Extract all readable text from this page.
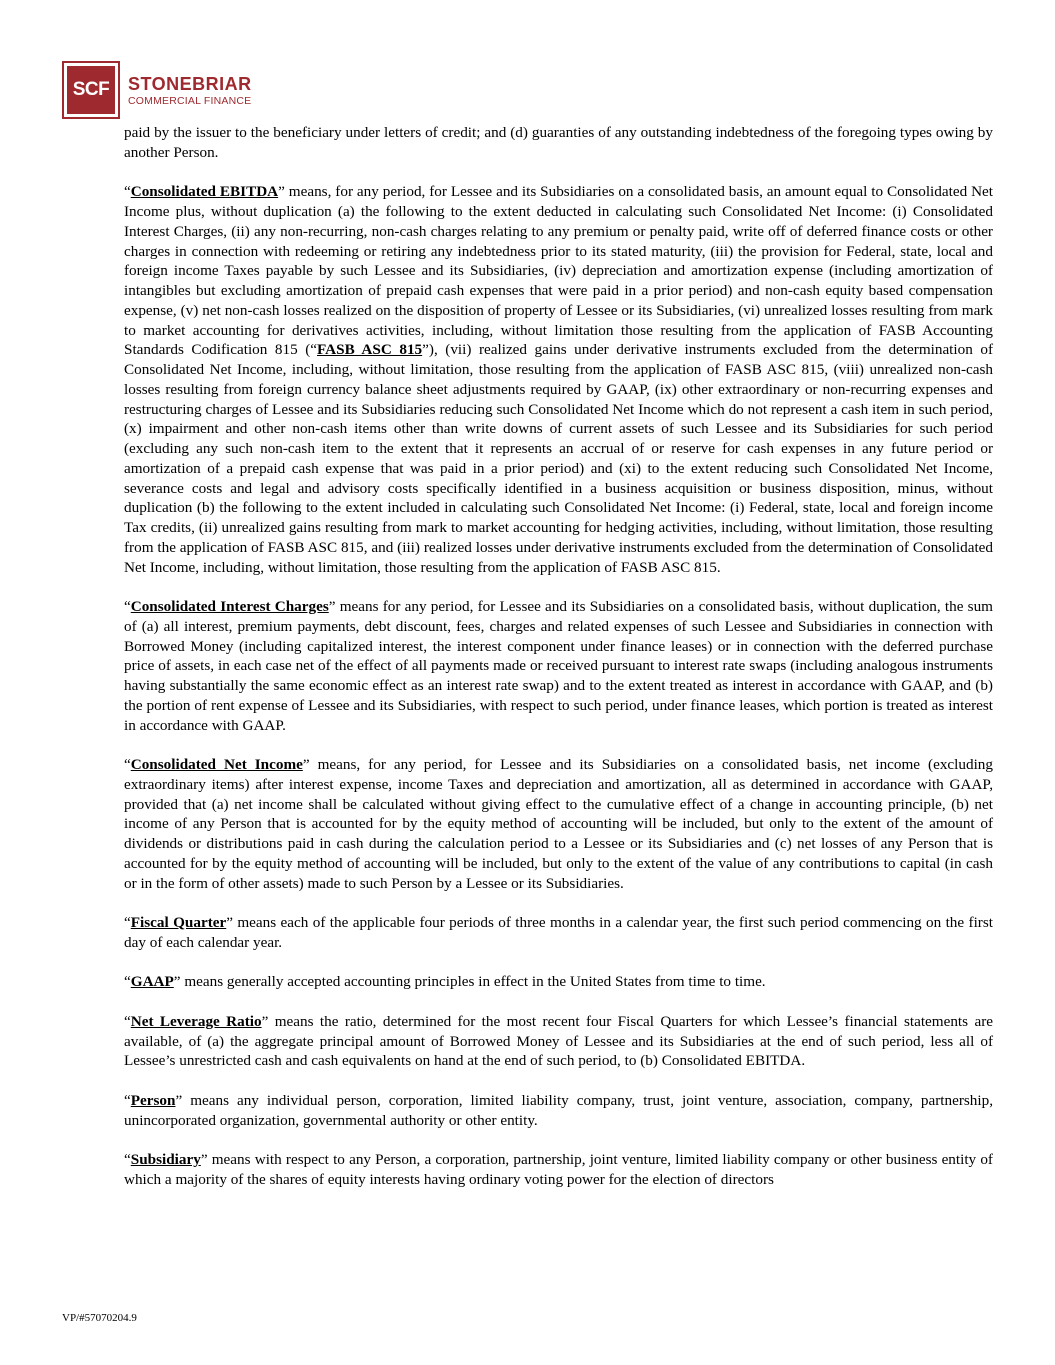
SCF	STONEBRIAR
COMMERCIAL FINANCE

paid by the issuer to the beneficiary under letters of credit; and (d) guaranties of any outstanding indebtedness of the foregoing types owing by another Person.

“Consolidated EBITDA” means, for any period, for Lessee and its Subsidiaries on a consolidated basis, an amount equal to Consolidated Net Income plus, without duplication (a) the following to the extent deducted in calculating such Consolidated Net Income: (i) Consolidated Interest Charges, (ii) any non-recurring, non-cash charges relating to any premium or penalty paid, write off of deferred finance costs or other charges in connection with redeeming or retiring any indebtedness prior to its stated maturity, (iii) the provision for Federal, state, local and foreign income Taxes payable by such Lessee and its Subsidiaries, (iv) depreciation and amortization expense (including amortization of intangibles but excluding amortization of prepaid cash expenses that were paid in a prior period) and non-cash equity based compensation expense, (v) net non-cash losses realized on the disposition of property of Lessee or its Subsidiaries, (vi) unrealized losses resulting from mark to market accounting for derivatives activities, including, without limitation those resulting from the application of FASB Accounting Standards Codification 815 (“FASB ASC 815”), (vii) realized gains under derivative instruments excluded from the determination of Consolidated Net Income, including, without limitation, those resulting from the application of FASB ASC 815, (viii) unrealized non-cash losses resulting from foreign currency balance sheet adjustments required by GAAP, (ix) other extraordinary or non-recurring expenses and restructuring charges of Lessee and its Subsidiaries reducing such Consolidated Net Income which do not represent a cash item in such period, (x) impairment and other non-cash items other than write downs of current assets of such Lessee and its Subsidiaries for such period (excluding any such non-cash item to the extent that it represents an accrual of or reserve for cash expenses in any future period or amortization of a prepaid cash expense that was paid in a prior period) and (xi) to the extent reducing such Consolidated Net Income, severance costs and legal and advisory costs specifically identified in a business acquisition or business disposition, minus, without duplication (b) the following to the extent included in calculating such Consolidated Net Income: (i) Federal, state, local and foreign income Tax credits, (ii) unrealized gains resulting from mark to market accounting for hedging activities, including, without limitation, those resulting from the application of FASB ASC 815, and (iii) realized losses under derivative instruments excluded from the determination of Consolidated Net Income, including, without limitation, those resulting from the application of FASB ASC 815.

“Consolidated Interest Charges” means for any period, for Lessee and its Subsidiaries on a consolidated basis, without duplication, the sum of (a) all interest, premium payments, debt discount, fees, charges and related expenses of such Lessee and Subsidiaries in connection with Borrowed Money (including capitalized interest, the interest component under finance leases) or in connection with the deferred purchase price of assets, in each case net of the effect of all payments made or received pursuant to interest rate swaps (including analogous instruments having substantially the same economic effect as an interest rate swap) and to the extent treated as interest in accordance with GAAP, and (b) the portion of rent expense of Lessee and its Subsidiaries, with respect to such period, under finance leases, which portion is treated as interest in accordance with GAAP.

“Consolidated Net Income” means, for any period, for Lessee and its Subsidiaries on a consolidated basis, net income (excluding extraordinary items) after interest expense, income Taxes and depreciation and amortization, all as determined in accordance with GAAP, provided that (a) net income shall be calculated without giving effect to the cumulative effect of a change in accounting principle, (b) net income of any Person that is accounted for by the equity method of accounting will be included, but only to the extent of the amount of dividends or distributions paid in cash during the calculation period to a Lessee or its Subsidiaries and (c) net losses of any Person that is accounted for by the equity method of accounting will be included, but only to the extent of the value of any contributions to capital (in cash or in the form of other assets) made to such Person by a Lessee or its Subsidiaries.

“Fiscal Quarter” means each of the applicable four periods of three months in a calendar year, the first such period commencing on the first day of each calendar year.

“GAAP” means generally accepted accounting principles in effect in the United States from time to time.

“Net Leverage Ratio” means the ratio, determined for the most recent four Fiscal Quarters for which Lessee’s financial statements are available, of (a) the aggregate principal amount of Borrowed Money of Lessee and its Subsidiaries at the end of such period, less all of Lessee’s unrestricted cash and cash equivalents on hand at the end of such period, to (b) Consolidated EBITDA.

“Person” means any individual person, corporation, limited liability company, trust, joint venture, association, company, partnership, unincorporated organization, governmental authority or other entity.

“Subsidiary” means with respect to any Person, a corporation, partnership, joint venture, limited liability company or other business entity of which a majority of the shares of equity interests having ordinary voting power for the election of directors

VP/#57070204.9
